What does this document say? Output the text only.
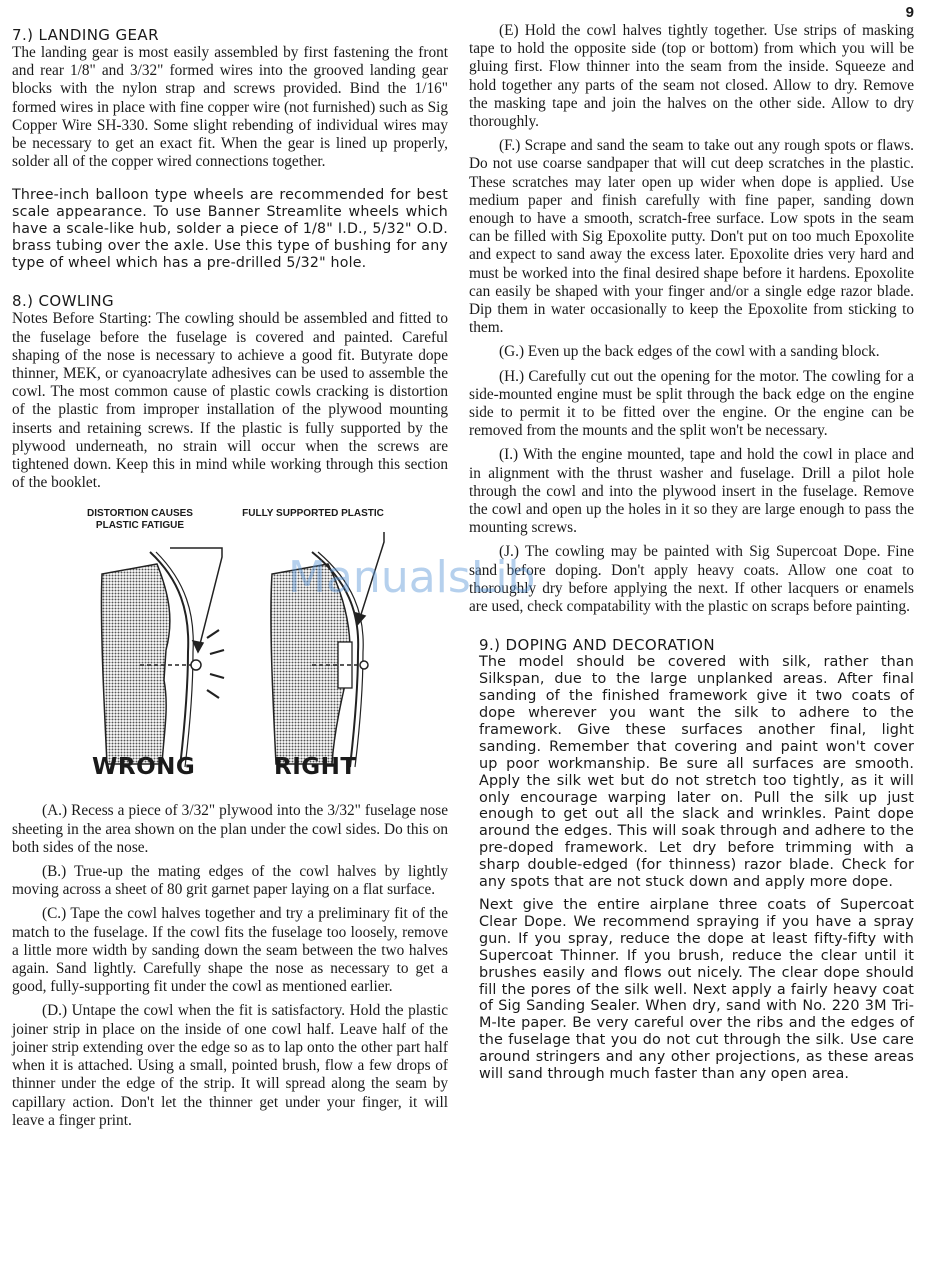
9
7.) LANDING GEAR

The landing gear is most easily assembled by first fastening the front and rear 1/8" and 3/32" formed wires into the grooved landing gear blocks with the nylon strap and screws provided. Bind the 1/16" formed wires in place with fine copper wire (not furnished) such as Sig Copper Wire SH-330. Some slight rebending of individual wires may be necessary to get an exact fit. When the gear is lined up properly, solder all of the copper wired connections together.

Three-inch balloon type wheels are recommended for best scale appearance. To use Banner Streamlite wheels which have a scale-like hub, solder a piece of 1/8" I.D., 5/32" O.D. brass tubing over the axle. Use this type of bushing for any type of wheel which has a pre-drilled 5/32" hole.

8.) COWLING

Notes Before Starting: The cowling should be assembled and fitted to the fuselage before the fuselage is covered and painted. Careful shaping of the nose is necessary to achieve a good fit. Butyrate dope thinner, MEK, or cyanoacrylate adhesives can be used to assemble the cowl. The most common cause of plastic cowls cracking is distortion of the plastic from improper installation of the plywood mounting inserts and retaining screws. If the plastic is fully supported by the plywood underneath, no strain will occur when the screws are tightened down. Keep this in mind while working through this section of the booklet.

DISTORTION CAUSES PLASTIC FATIGUE
FULLY SUPPORTED PLASTIC
WRONG	RIGHT

(A.) Recess a piece of 3/32" plywood into the 3/32" fuselage nose sheeting in the area shown on the plan under the cowl sides. Do this on both sides of the nose.

(B.) True-up the mating edges of the cowl halves by lightly moving across a sheet of 80 grit garnet paper laying on a flat surface.

(C.) Tape the cowl halves together and try a preliminary fit of the match to the fuselage. If the cowl fits the fuselage too loosely, remove a little more width by sanding down the seam between the two halves again. Sand lightly. Carefully shape the nose as necessary to get a good, fully-supporting fit under the cowl as mentioned earlier.

(D.) Untape the cowl when the fit is satisfactory. Hold the plastic joiner strip in place on the inside of one cowl half. Leave half of the joiner strip extending over the edge so as to lap onto the other part half when it is attached. Using a small, pointed brush, flow a few drops of thinner under the edge of the strip. It will spread along the seam by capillary action. Don't let the thinner get under your finger, it will leave a finger print.

(E) Hold the cowl halves tightly together. Use strips of masking tape to hold the opposite side (top or bottom) from which you will be gluing first. Flow thinner into the seam from the inside. Squeeze and hold together any parts of the seam not closed. Allow to dry. Remove the masking tape and join the halves on the other side. Allow to dry thoroughly.

(F.) Scrape and sand the seam to take out any rough spots or flaws. Do not use coarse sandpaper that will cut deep scratches in the plastic. These scratches may later open up wider when dope is applied. Use medium paper and finish carefully with fine paper, sanding down enough to have a smooth, scratch-free surface. Low spots in the seam can be filled with Sig Epoxolite putty. Don't put on too much Epoxolite and expect to sand away the excess later. Epoxolite dries very hard and must be worked into the final desired shape before it hardens. Epoxolite can easily be shaped with your finger and/or a single edge razor blade. Dip them in water occasionally to keep the Epoxolite from sticking to them.

(G.) Even up the back edges of the cowl with a sanding block.

(H.) Carefully cut out the opening for the motor. The cowling for a side-mounted engine must be split through the back edge on the engine side to permit it to be fitted over the engine. Or the engine can be removed from the mounts and the split won't be necessary.

(I.) With the engine mounted, tape and hold the cowl in place and in alignment with the thrust washer and fuselage. Drill a pilot hole through the cowl and into the plywood insert in the fuselage. Remove the cowl and open up the holes in it so they are large enough to pass the mounting screws.

(J.) The cowling may be painted with Sig Supercoat Dope. Fine sand before doping. Don't apply heavy coats. Allow one coat to thoroughly dry before applying the next. If other lacquers or enamels are used, check compatability with the plastic on scraps before painting.

9.) DOPING AND DECORATION

The model should be covered with silk, rather than Silkspan, due to the large unplanked areas. After final sanding of the finished framework give it two coats of dope wherever you want the silk to adhere to the framework. Give these surfaces another final, light sanding. Remember that covering and paint won't cover up poor workmanship. Be sure all surfaces are smooth. Apply the silk wet but do not stretch too tightly, as it will only encourage warping later on. Pull the silk up just enough to get out all the slack and wrinkles. Paint dope around the edges. This will soak through and adhere to the pre-doped framework. Let dry before trimming with a sharp double-edged (for thinness) razor blade. Check for any spots that are not stuck down and apply more dope.

Next give the entire airplane three coats of Supercoat Clear Dope. We recommend spraying if you have a spray gun. If you spray, reduce the dope at least fifty-fifty with Supercoat Thinner. If you brush, reduce the clear until it brushes easily and flows out nicely. The clear dope should fill the pores of the silk well. Next apply a fairly heavy coat of Sig Sanding Sealer. When dry, sand with No. 220 3M Tri-M-Ite paper. Be very careful over the ribs and the edges of the fuselage that you do not cut through the silk. Use care around stringers and any other projections, as these areas will sand through much faster than any open area.

ManualsLib
